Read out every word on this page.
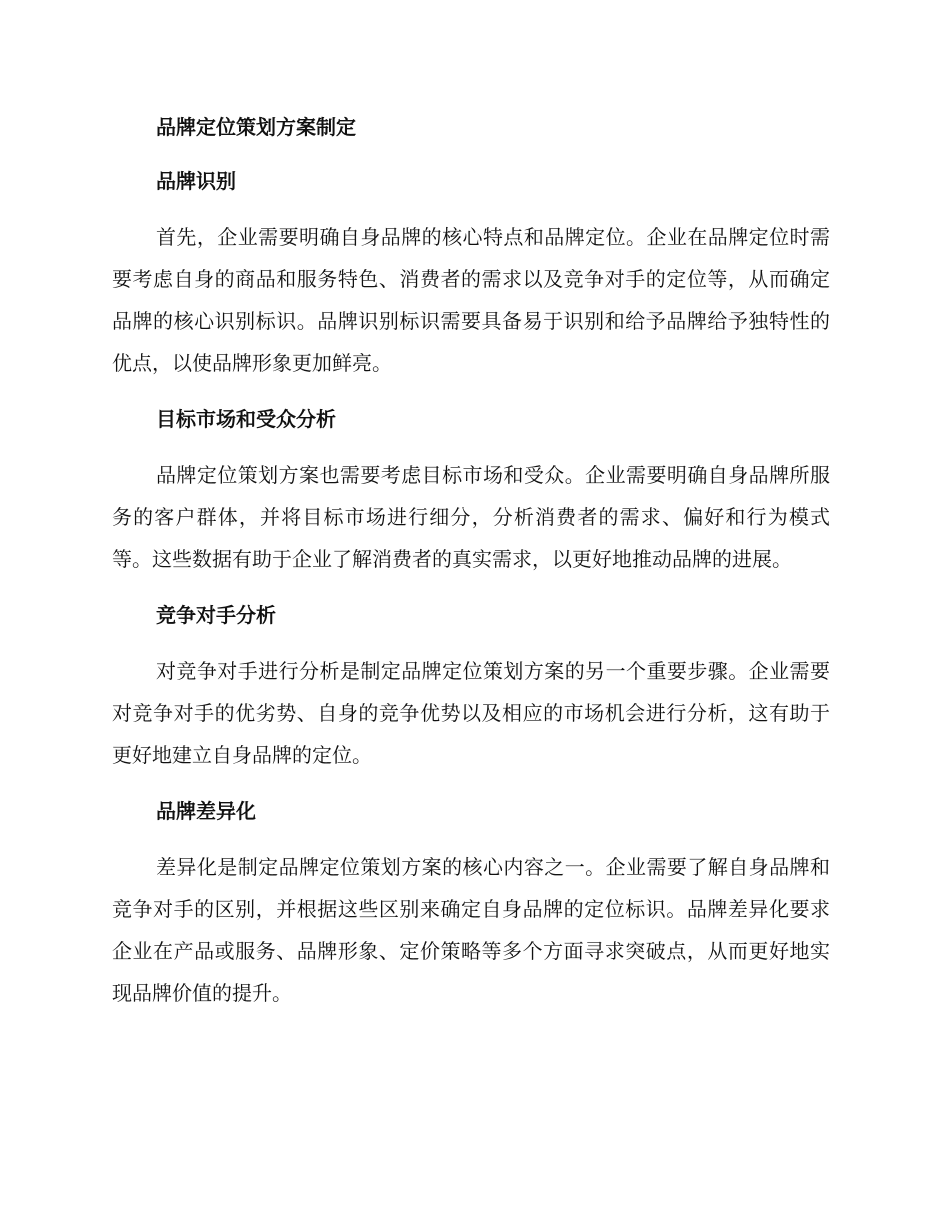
品牌定位策划方案制定
品牌识别

首先，企业需要明确自身品牌的核心特点和品牌定位。企业在品牌定位时需要考虑自身的商品和服务特色、消费者的需求以及竞争对手的定位等，从而确定品牌的核心识别标识。品牌识别标识需要具备易于识别和给予品牌给予独特性的优点，以使品牌形象更加鲜亮。

目标市场和受众分析

品牌定位策划方案也需要考虑目标市场和受众。企业需要明确自身品牌所服务的客户群体，并将目标市场进行细分，分析消费者的需求、偏好和行为模式等。这些数据有助于企业了解消费者的真实需求，以更好地推动品牌的进展。

竞争对手分析

对竞争对手进行分析是制定品牌定位策划方案的另一个重要步骤。企业需要对竞争对手的优劣势、自身的竞争优势以及相应的市场机会进行分析，这有助于更好地建立自身品牌的定位。

品牌差异化

差异化是制定品牌定位策划方案的核心内容之一。企业需要了解自身品牌和竞争对手的区别，并根据这些区别来确定自身品牌的定位标识。品牌差异化要求企业在产品或服务、品牌形象、定价策略等多个方面寻求突破点，从而更好地实现品牌价值的提升。
